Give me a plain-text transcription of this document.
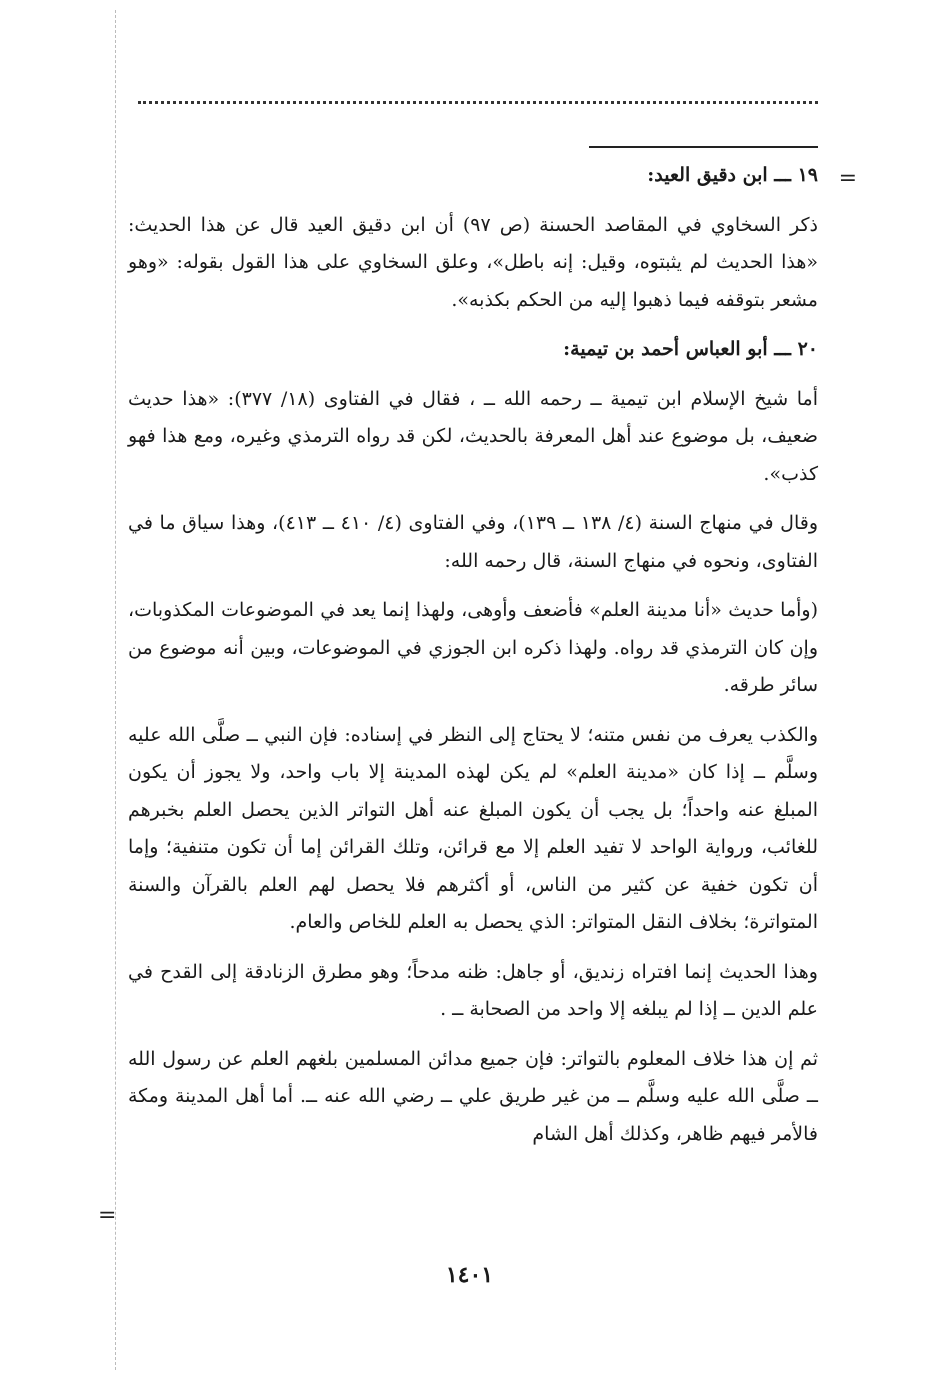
=
=

١٩ ـــ ابن دقيق العيد:

ذكر السخاوي في المقاصد الحسنة (ص ٩٧) أن ابن دقيق العيد قال عن هذا الحديث: «هذا الحديث لم يثبتوه، وقيل: إنه باطل»، وعلق السخاوي على هذا القول بقوله: «وهو مشعر بتوقفه فيما ذهبوا إليه من الحكم بكذبه».

٢٠ ـــ أبو العباس أحمد بن تيمية:

أما شيخ الإسلام ابن تيمية ــ رحمه الله ــ ، فقال في الفتاوى (١٨/ ٣٧٧): «هذا حديث ضعيف، بل موضوع عند أهل المعرفة بالحديث، لكن قد رواه الترمذي وغيره، ومع هذا فهو كذب».

وقال في منهاج السنة (٤/ ١٣٨ ــ ١٣٩)، وفي الفتاوى (٤/ ٤١٠ ــ ٤١٣)، وهذا سياق ما في الفتاوى، ونحوه في منهاج السنة، قال رحمه الله:

(وأما حديث «أنا مدينة العلم» فأضعف وأوهى، ولهذا إنما يعد في الموضوعات المكذوبات، وإن كان الترمذي قد رواه. ولهذا ذكره ابن الجوزي في الموضوعات، وبين أنه موضوع من سائر طرقه.

والكذب يعرف من نفس متنه؛ لا يحتاج إلى النظر في إسناده: فإن النبي ــ صلَّى الله عليه وسلَّم ــ إذا كان «مدينة العلم» لم يكن لهذه المدينة إلا باب واحد، ولا يجوز أن يكون المبلغ عنه واحداً؛ بل يجب أن يكون المبلغ عنه أهل التواتر الذين يحصل العلم بخبرهم للغائب، ورواية الواحد لا تفيد العلم إلا مع قرائن، وتلك القرائن إما أن تكون متنفية؛ وإما أن تكون خفية عن كثير من الناس، أو أكثرهم فلا يحصل لهم العلم بالقرآن والسنة المتواترة؛ بخلاف النقل المتواتر: الذي يحصل به العلم للخاص والعام.

وهذا الحديث إنما افتراه زنديق، أو جاهل: ظنه مدحاً؛ وهو مطرق الزنادقة إلى القدح في علم الدين ــ إذا لم يبلغه إلا واحد من الصحابة ــ .

ثم إن هذا خلاف المعلوم بالتواتر: فإن جميع مدائن المسلمين بلغهم العلم عن رسول الله ــ صلَّى الله عليه وسلَّم ــ من غير طريق علي ــ رضي الله عنه ــ. أما أهل المدينة ومكة فالأمر فيهم ظاهر، وكذلك أهل الشام

١٤٠١
